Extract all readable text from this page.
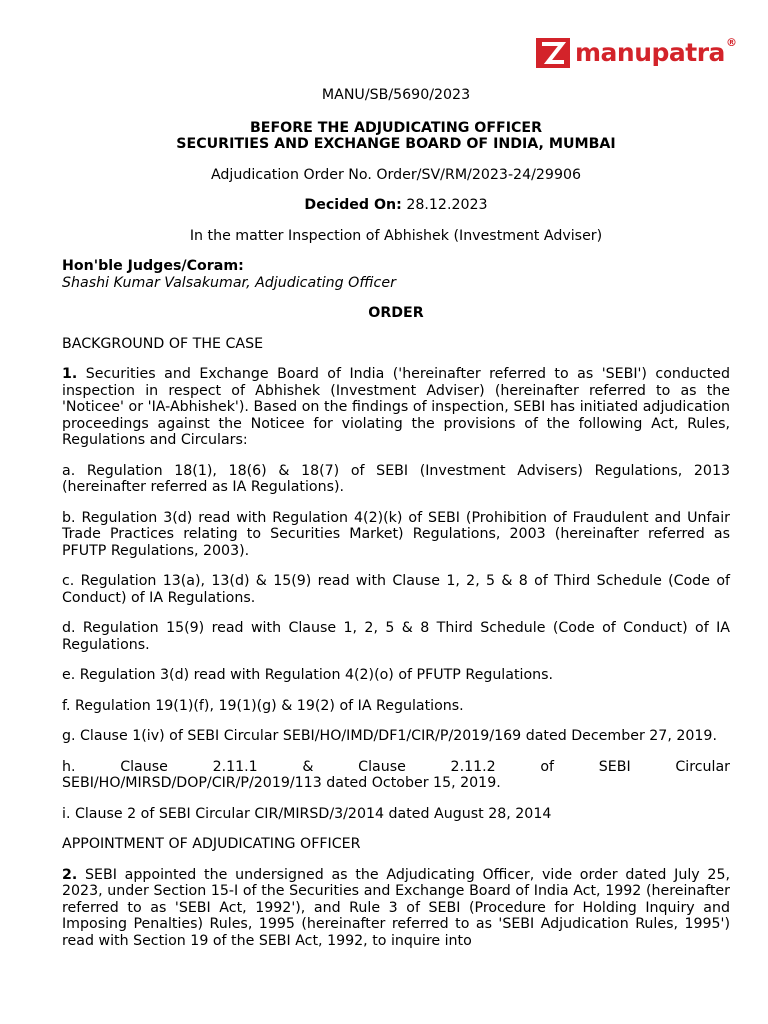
manupatra ®

MANU/SB/5690/2023

BEFORE THE ADJUDICATING OFFICER

SECURITIES AND EXCHANGE BOARD OF INDIA, MUMBAI

Adjudication Order No. Order/SV/RM/2023-24/29906

Decided On: 28.12.2023

In the matter Inspection of Abhishek (Investment Adviser)

Hon'ble Judges/Coram:

Shashi Kumar Valsakumar, Adjudicating Officer

ORDER

BACKGROUND OF THE CASE

1. Securities and Exchange Board of India ('hereinafter referred to as 'SEBI') conducted inspection in respect of Abhishek (Investment Adviser) (hereinafter referred to as the 'Noticee' or 'IA-Abhishek'). Based on the findings of inspection, SEBI has initiated adjudication proceedings against the Noticee for violating the provisions of the following Act, Rules, Regulations and Circulars:

a. Regulation 18(1), 18(6) & 18(7) of SEBI (Investment Advisers) Regulations, 2013 (hereinafter referred as IA Regulations).

b. Regulation 3(d) read with Regulation 4(2)(k) of SEBI (Prohibition of Fraudulent and Unfair Trade Practices relating to Securities Market) Regulations, 2003 (hereinafter referred as PFUTP Regulations, 2003).

c. Regulation 13(a), 13(d) & 15(9) read with Clause 1, 2, 5 & 8 of Third Schedule (Code of Conduct) of IA Regulations.

d. Regulation 15(9) read with Clause 1, 2, 5 & 8 Third Schedule (Code of Conduct) of IA Regulations.

e. Regulation 3(d) read with Regulation 4(2)(o) of PFUTP Regulations.

f. Regulation 19(1)(f), 19(1)(g) & 19(2) of IA Regulations.

g. Clause 1(iv) of SEBI Circular SEBI/HO/IMD/DF1/CIR/P/2019/169 dated December 27, 2019.

h. Clause 2.11.1 & Clause 2.11.2 of SEBI Circular
SEBI/HO/MIRSD/DOP/CIR/P/2019/113 dated October 15, 2019.

i. Clause 2 of SEBI Circular CIR/MIRSD/3/2014 dated August 28, 2014

APPOINTMENT OF ADJUDICATING OFFICER

2. SEBI appointed the undersigned as the Adjudicating Officer, vide order dated July 25, 2023, under Section 15-I of the Securities and Exchange Board of India Act, 1992 (hereinafter referred to as 'SEBI Act, 1992'), and Rule 3 of SEBI (Procedure for Holding Inquiry and Imposing Penalties) Rules, 1995 (hereinafter referred to as 'SEBI Adjudication Rules, 1995') read with Section 19 of the SEBI Act, 1992, to inquire into
